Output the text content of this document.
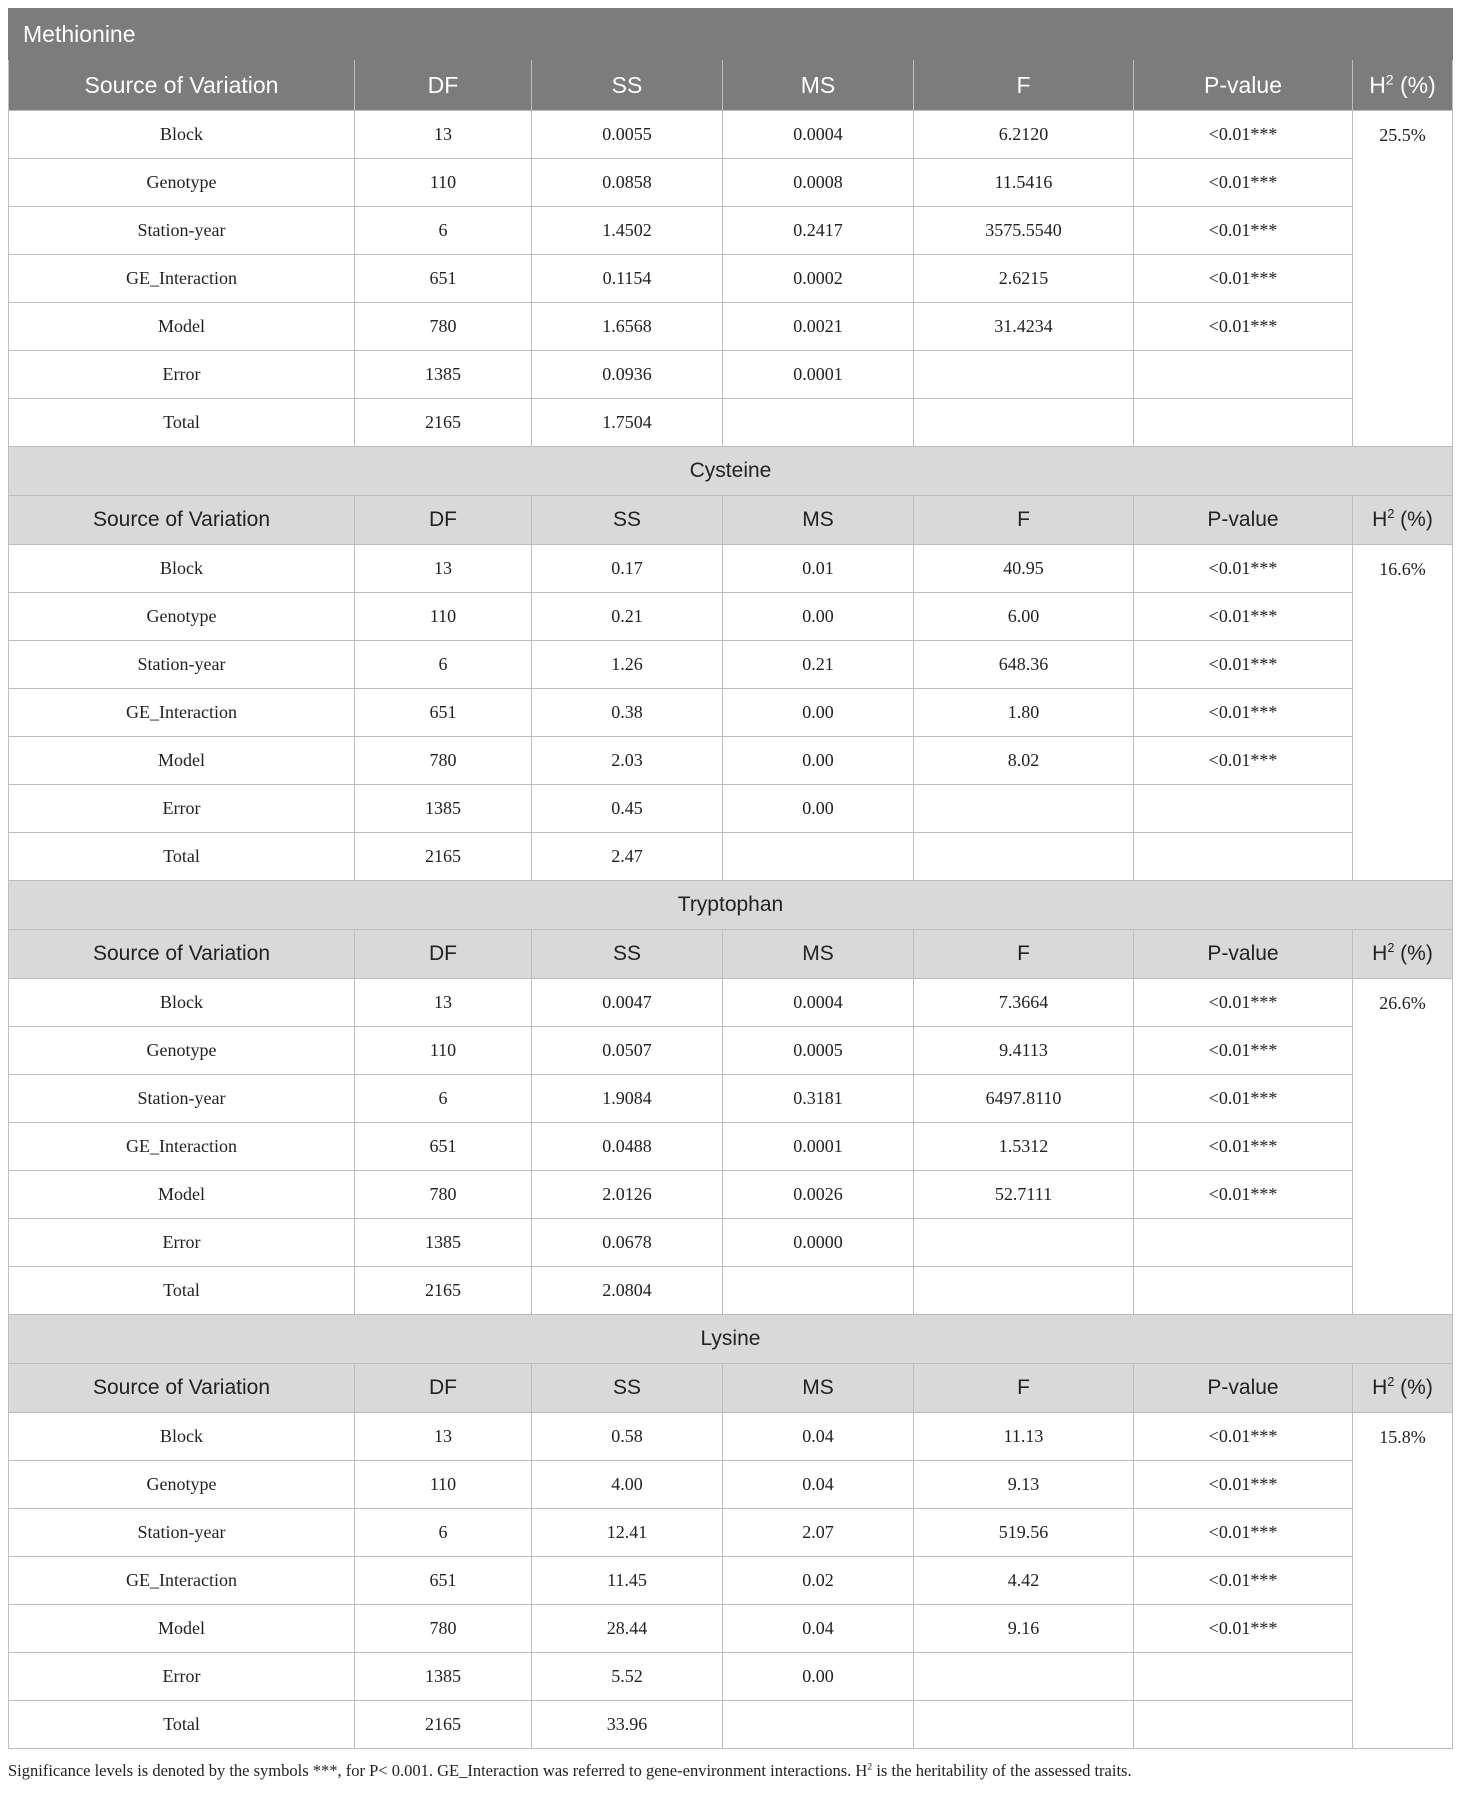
Methionine						
Source of Variation	DF	SS	MS	F	P-value	$H^2$ (%)
Block	13	0.0055	0.0004	6.2120	<0.01***	25.5%
Genotype	110	0.0858	0.0008	11.5416	<0.01***	
Station-year	6	1.4502	0.2417	3575.5540	<0.01***	
GE_Interaction	651	0.1154	0.0002	2.6215	<0.01***	
Model	780	1.6568	0.0021	31.4234	<0.01***	
Error	1385	0.0936	0.0001			
Total	2165	1.7504				
Cysteine						
Source of Variation	DF	SS	MS	F	P-value	$H^2$ (%)
Block	13	0.17	0.01	40.95	<0.01***	16.6%
Genotype	110	0.21	0.00	6.00	<0.01***	
Station-year	6	1.26	0.21	648.36	<0.01***	
GE_Interaction	651	0.38	0.00	1.80	<0.01***	
Model	780	2.03	0.00	8.02	<0.01***	
Error	1385	0.45	0.00			
Total	2165	2.47				
Tryptophan						
Source of Variation	DF	SS	MS	F	P-value	$H^2$ (%)
Block	13	0.0047	0.0004	7.3664	<0.01***	26.6%
Genotype	110	0.0507	0.0005	9.4113	<0.01***	
Station-year	6	1.9084	0.3181	6497.8110	<0.01***	
GE_Interaction	651	0.0488	0.0001	1.5312	<0.01***	
Model	780	2.0126	0.0026	52.7111	<0.01***	
Error	1385	0.0678	0.0000			
Total	2165	2.0804				
Lysine						
Source of Variation	DF	SS	MS	F	P-value	$H^2$ (%)
Block	13	0.58	0.04	11.13	<0.01***	15.8%
Genotype	110	4.00	0.04	9.13	<0.01***	
Station-year	6	12.41	2.07	519.56	<0.01***	
GE_Interaction	651	11.45	0.02	4.42	<0.01***	
Model	780	28.44	0.04	9.16	<0.01***	
Error	1385	5.52	0.00			
Total	2165	33.96				
Significance levels is denoted by the symbols ***, for P< 0.001. GE_Interaction was referred to gene-environment interactions. $H^2$ is the heritability of the assessed traits.
